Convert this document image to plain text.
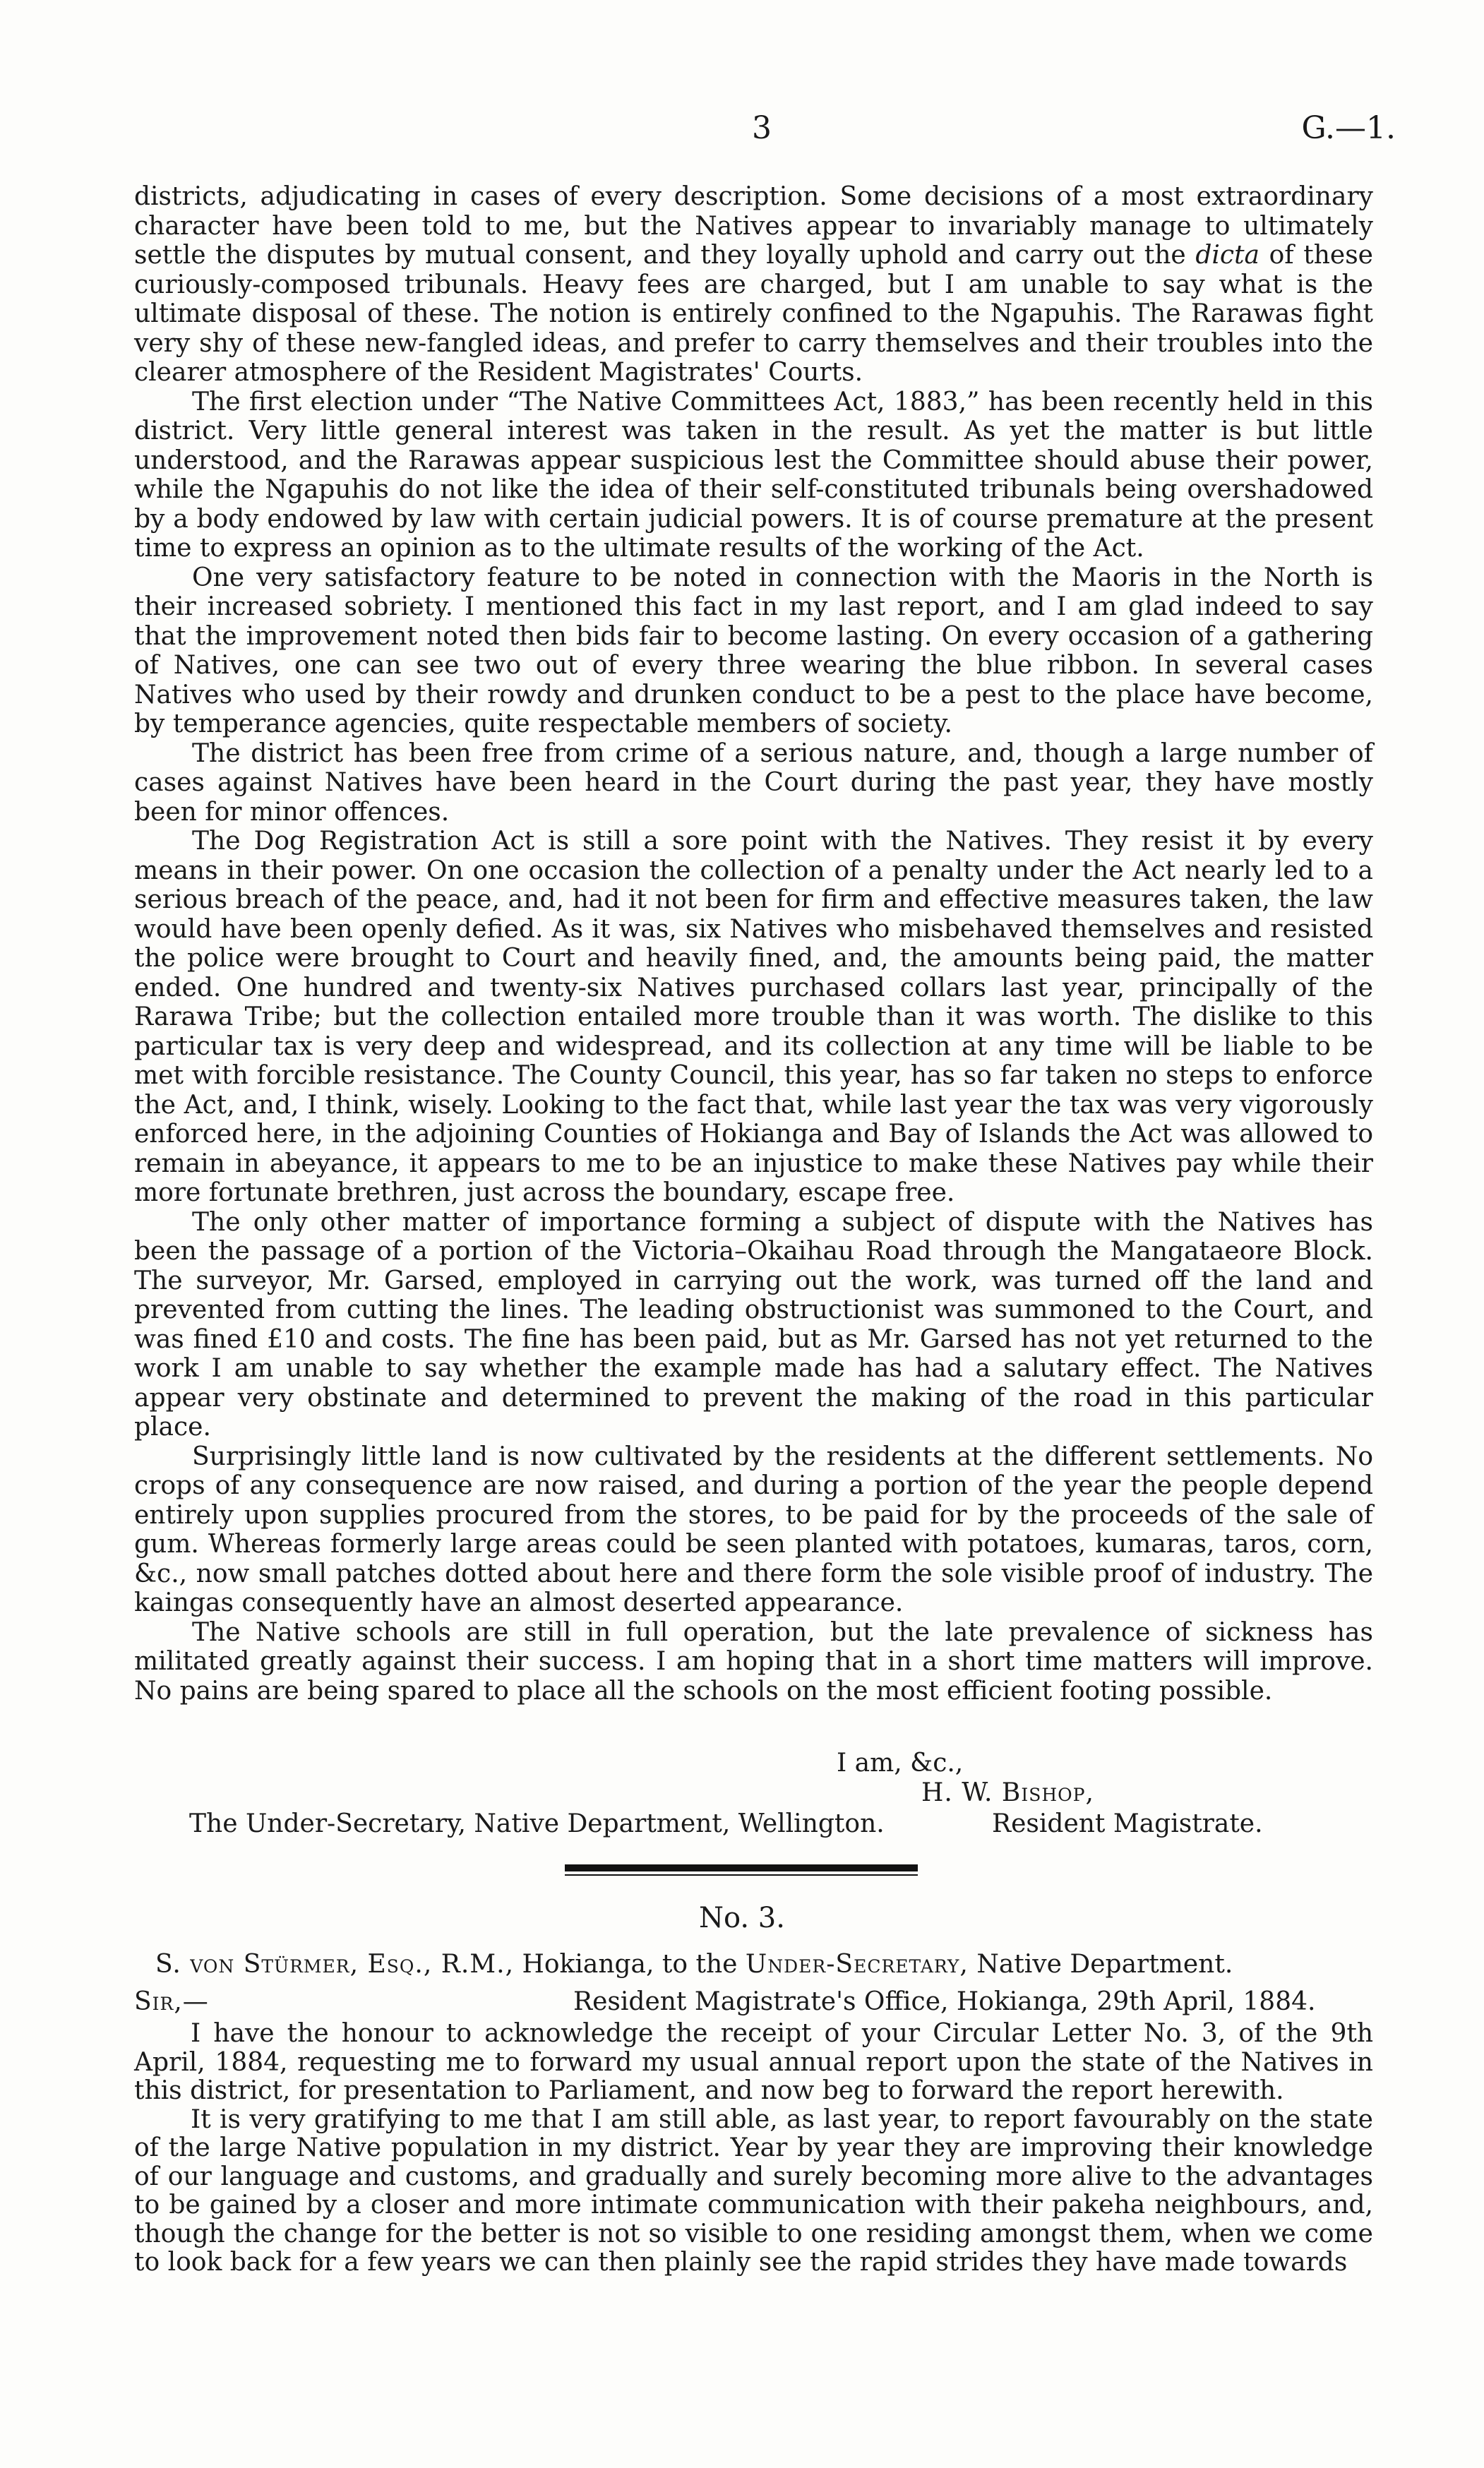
3	G.—1.

districts, adjudicating in cases of every description. Some decisions of a most extraordinary character have been told to me, but the Natives appear to invariably manage to ultimately settle the disputes by mutual consent, and they loyally uphold and carry out the dicta of these curiously-composed tribunals. Heavy fees are charged, but I am unable to say what is the ultimate disposal of these. The notion is entirely confined to the Ngapuhis. The Rarawas fight very shy of these new-fangled ideas, and prefer to carry themselves and their troubles into the clearer atmosphere of the Resident Magistrates' Courts.

The first election under “The Native Committees Act, 1883,” has been recently held in this district. Very little general interest was taken in the result. As yet the matter is but little understood, and the Rarawas appear suspicious lest the Committee should abuse their power, while the Ngapuhis do not like the idea of their self-constituted tribunals being overshadowed by a body endowed by law with certain judicial powers. It is of course premature at the present time to express an opinion as to the ultimate results of the working of the Act.

One very satisfactory feature to be noted in connection with the Maoris in the North is their increased sobriety. I mentioned this fact in my last report, and I am glad indeed to say that the improvement noted then bids fair to become lasting. On every occasion of a gathering of Natives, one can see two out of every three wearing the blue ribbon. In several cases Natives who used by their rowdy and drunken conduct to be a pest to the place have become, by temperance agencies, quite respectable members of society.

The district has been free from crime of a serious nature, and, though a large number of cases against Natives have been heard in the Court during the past year, they have mostly been for minor offences.

The Dog Registration Act is still a sore point with the Natives. They resist it by every means in their power. On one occasion the collection of a penalty under the Act nearly led to a serious breach of the peace, and, had it not been for firm and effective measures taken, the law would have been openly defied. As it was, six Natives who misbehaved themselves and resisted the police were brought to Court and heavily fined, and, the amounts being paid, the matter ended. One hundred and twenty-six Natives purchased collars last year, principally of the Rarawa Tribe; but the collection entailed more trouble than it was worth. The dislike to this particular tax is very deep and widespread, and its collection at any time will be liable to be met with forcible resistance. The County Council, this year, has so far taken no steps to enforce the Act, and, I think, wisely. Looking to the fact that, while last year the tax was very vigorously enforced here, in the adjoining Counties of Hokianga and Bay of Islands the Act was allowed to remain in abeyance, it appears to me to be an injustice to make these Natives pay while their more fortunate brethren, just across the boundary, escape free.

The only other matter of importance forming a subject of dispute with the Natives has been the passage of a portion of the Victoria–Okaihau Road through the Mangataeore Block. The surveyor, Mr. Garsed, employed in carrying out the work, was turned off the land and prevented from cutting the lines. The leading obstructionist was summoned to the Court, and was fined £10 and costs. The fine has been paid, but as Mr. Garsed has not yet returned to the work I am unable to say whether the example made has had a salutary effect. The Natives appear very obstinate and determined to prevent the making of the road in this particular place.

Surprisingly little land is now cultivated by the residents at the different settlements. No crops of any consequence are now raised, and during a portion of the year the people depend entirely upon supplies procured from the stores, to be paid for by the proceeds of the sale of gum. Whereas formerly large areas could be seen planted with potatoes, kumaras, taros, corn, &c., now small patches dotted about here and there form the sole visible proof of industry. The kaingas consequently have an almost deserted appearance.

The Native schools are still in full operation, but the late prevalence of sickness has militated greatly against their success. I am hoping that in a short time matters will improve. No pains are being spared to place all the schools on the most efficient footing possible.

I am, &c.,
H. W. Bishop,
The Under-Secretary, Native Department, Wellington.	Resident Magistrate.
No. 3.
S. von Stürmer, Esq., R.M., Hokianga, to the Under-Secretary, Native Department.
Sir,—	Resident Magistrate's Office, Hokianga, 29th April, 1884.

I have the honour to acknowledge the receipt of your Circular Letter No. 3, of the 9th April, 1884, requesting me to forward my usual annual report upon the state of the Natives in this district, for presentation to Parliament, and now beg to forward the report herewith.

It is very gratifying to me that I am still able, as last year, to report favourably on the state of the large Native population in my district. Year by year they are improving their knowledge of our language and customs, and gradually and surely becoming more alive to the advantages to be gained by a closer and more intimate communication with their pakeha neighbours, and, though the change for the better is not so visible to one residing amongst them, when we come to look back for a few years we can then plainly see the rapid strides they have made towards
